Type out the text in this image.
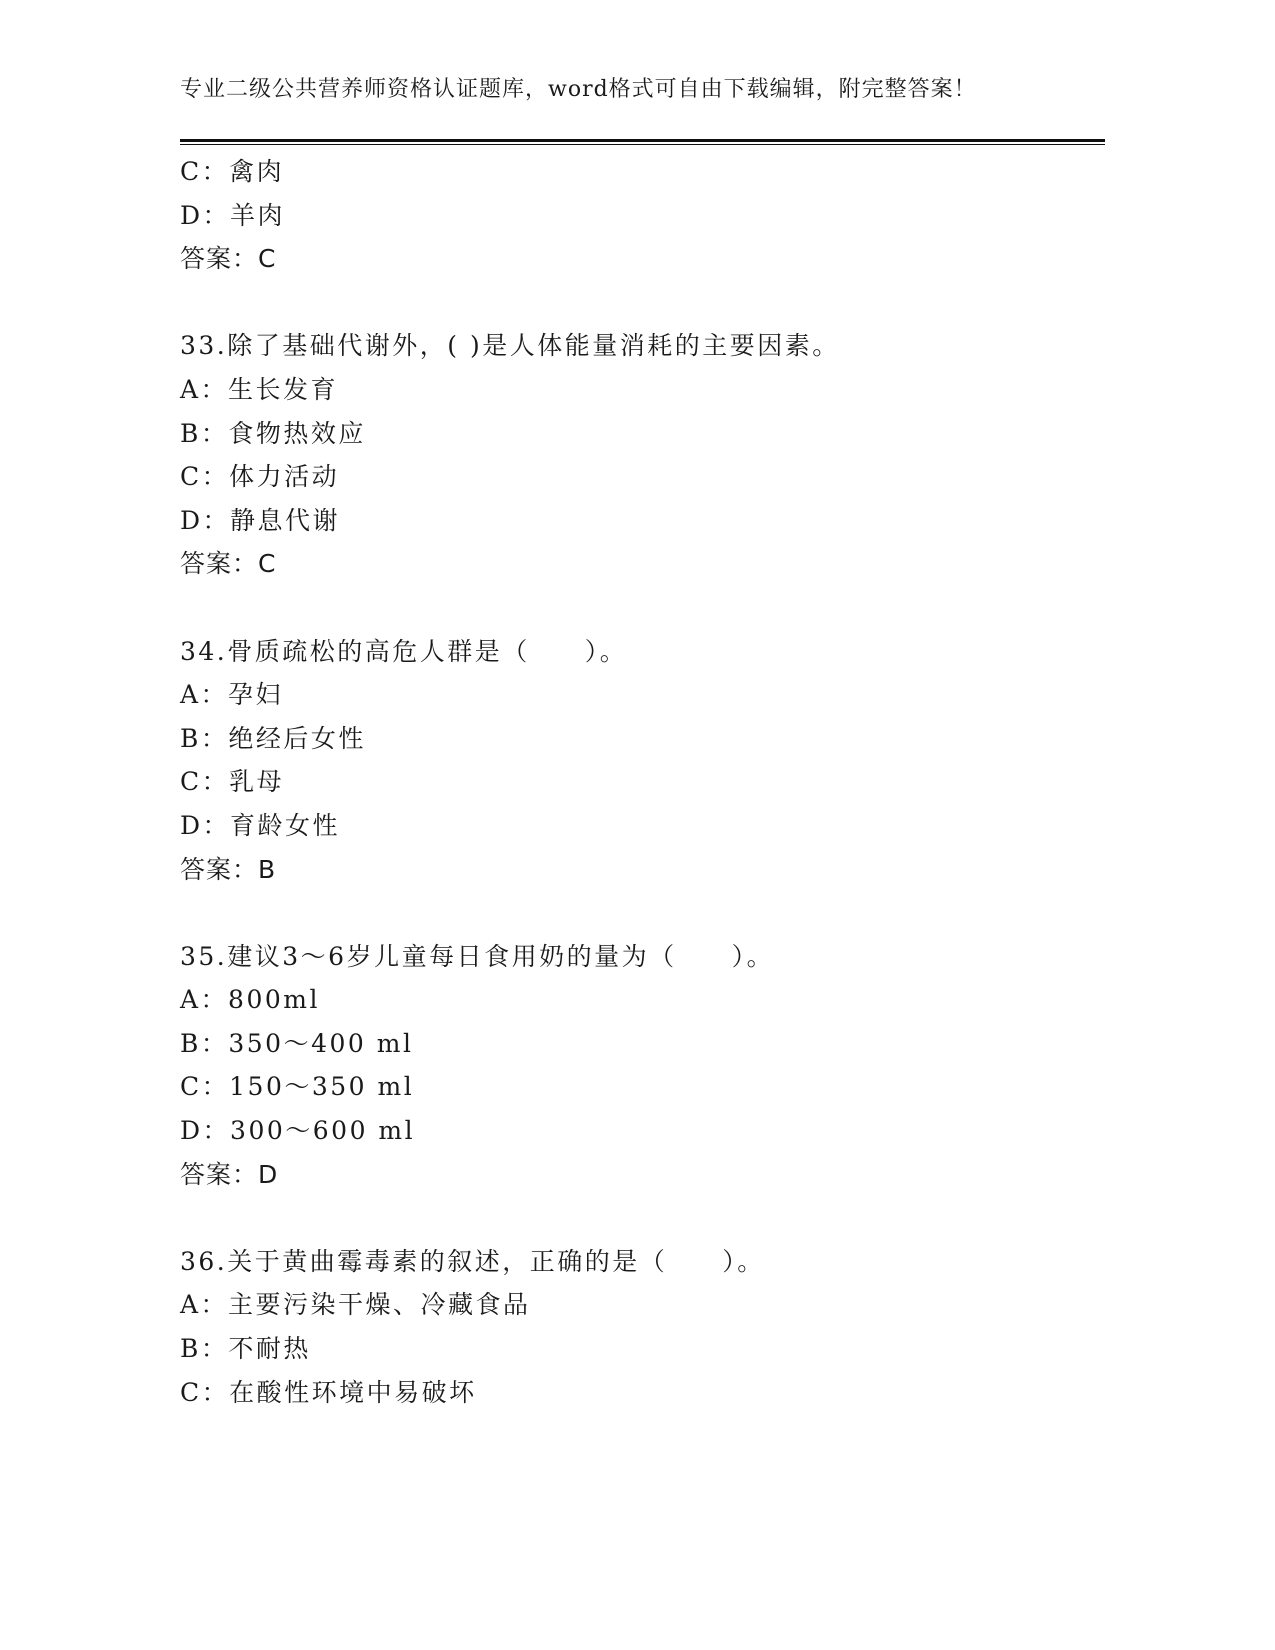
专业二级公共营养师资格认证题库，word格式可自由下载编辑，附完整答案！
C：禽肉
D：羊肉
答案：C
33.除了基础代谢外，( )是人体能量消耗的主要因素。
A：生长发育
B：食物热效应
C：体力活动
D：静息代谢
答案：C
34.骨质疏松的高危人群是（　　）。
A：孕妇
B：绝经后女性
C：乳母
D：育龄女性
答案：B
35.建议3～6岁儿童每日食用奶的量为（　　）。
A：800ml
B：350～400 ml
C：150～350 ml
D：300～600 ml
答案：D
36.关于黄曲霉毒素的叙述，正确的是（　　）。
A：主要污染干燥、冷藏食品
B：不耐热
C：在酸性环境中易破坏
